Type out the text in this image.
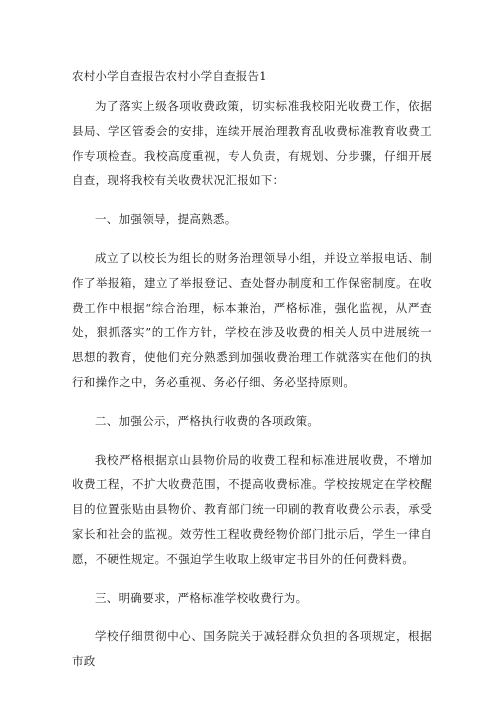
农村小学自查报告农村小学自查报告1

为了落实上级各项收费政策，切实标准我校阳光收费工作，依据县局、学区管委会的安排，连续开展治理教育乱收费标准教育收费工作专项检查。我校高度重视，专人负责，有规划、分步骤，仔细开展自查，现将我校有关收费状况汇报如下：

一、加强领导，提高熟悉。

成立了以校长为组长的财务治理领导小组，并设立举报电话、制作了举报箱，建立了举报登记、查处督办制度和工作保密制度。在收费工作中根据“综合治理，标本兼治，严格标准，强化监视，从严查处，狠抓落实”的工作方针，学校在涉及收费的相关人员中进展统一思想的教育，使他们充分熟悉到加强收费治理工作就落实在他们的执行和操作之中，务必重视、务必仔细、务必坚持原则。

二、加强公示，严格执行收费的各项政策。

我校严格根据京山县物价局的收费工程和标准进展收费，不增加收费工程，不扩大收费范围，不提高收费标准。学校按规定在学校醒目的位置张贴由县物价、教育部门统一印刷的教育收费公示表，承受家长和社会的监视。效劳性工程收费经物价部门批示后，学生一律自愿，不硬性规定。不强迫学生收取上级审定书目外的任何费料费。

三、明确要求，严格标准学校收费行为。

学校仔细贯彻中心、国务院关于减轻群众负担的各项规定，根据市政
